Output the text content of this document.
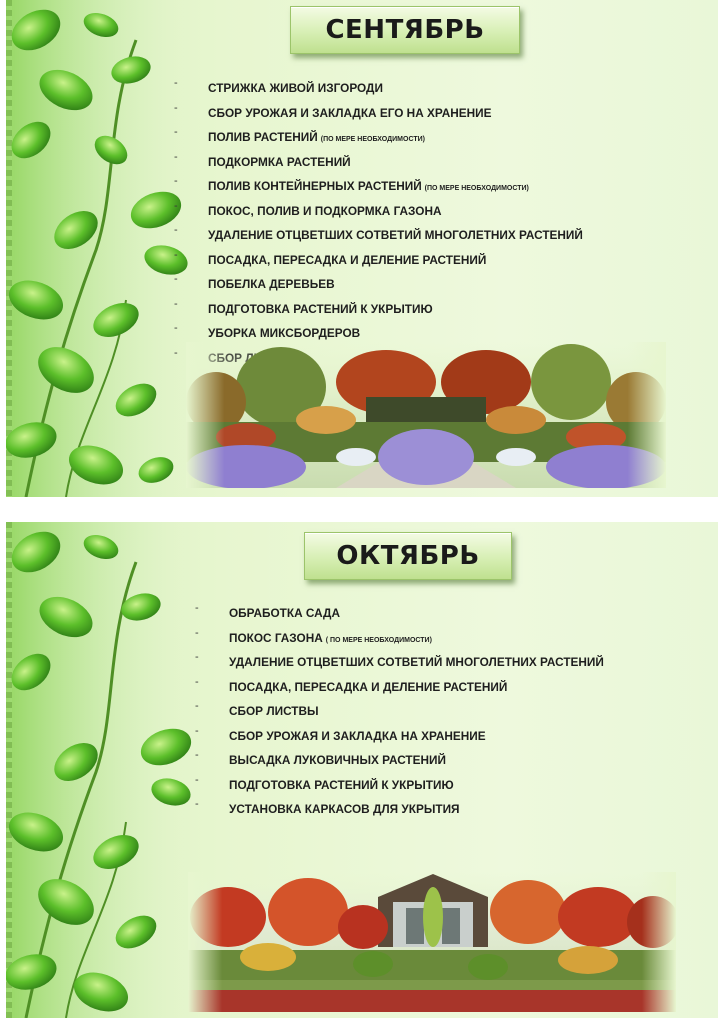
СЕНТЯБРЬ
-	СТРИЖКА ЖИВОЙ ИЗГОРОДИ
-	СБОР УРОЖАЯ И ЗАКЛАДКА ЕГО НА ХРАНЕНИЕ
-	ПОЛИВ РАСТЕНИЙ (ПО МЕРЕ НЕОБХОДИМОСТИ)
-	ПОДКОРМКА РАСТЕНИЙ
-	ПОЛИВ КОНТЕЙНЕРНЫХ РАСТЕНИЙ (ПО МЕРЕ НЕОБХОДИМОСТИ)
-	ПОКОС, ПОЛИВ И ПОДКОРМКА ГАЗОНА
-	УДАЛЕНИЕ ОТЦВЕТШИХ СОТВЕТИЙ МНОГОЛЕТНИХ РАСТЕНИЙ
-	ПОСАДКА, ПЕРЕСАДКА И ДЕЛЕНИЕ РАСТЕНИЙ
-	ПОБЕЛКА ДЕРЕВЬЕВ
-	ПОДГОТОВКА РАСТЕНИЙ К УКРЫТИЮ
-	УБОРКА МИКСБОРДЕРОВ
-
ОКТЯБРЬ
-	ОБРАБОТКА САДА
-	ПОКОС ГАЗОНА ( ПО МЕРЕ НЕОБХОДИМОСТИ)
-	УДАЛЕНИЕ ОТЦВЕТШИХ СОТВЕТИЙ МНОГОЛЕТНИХ РАСТЕНИЙ
-	ПОСАДКА, ПЕРЕСАДКА И ДЕЛЕНИЕ РАСТЕНИЙ
-	СБОР ЛИСТВЫ
-	СБОР УРОЖАЯ И ЗАКЛАДКА НА ХРАНЕНИЕ
-	ВЫСАДКА ЛУКОВИЧНЫХ РАСТЕНИЙ
-	ПОДГОТОВКА РАСТЕНИЙ К УКРЫТИЮ
-	УСТАНОВКА КАРКАСОВ ДЛЯ УКРЫТИЯ
